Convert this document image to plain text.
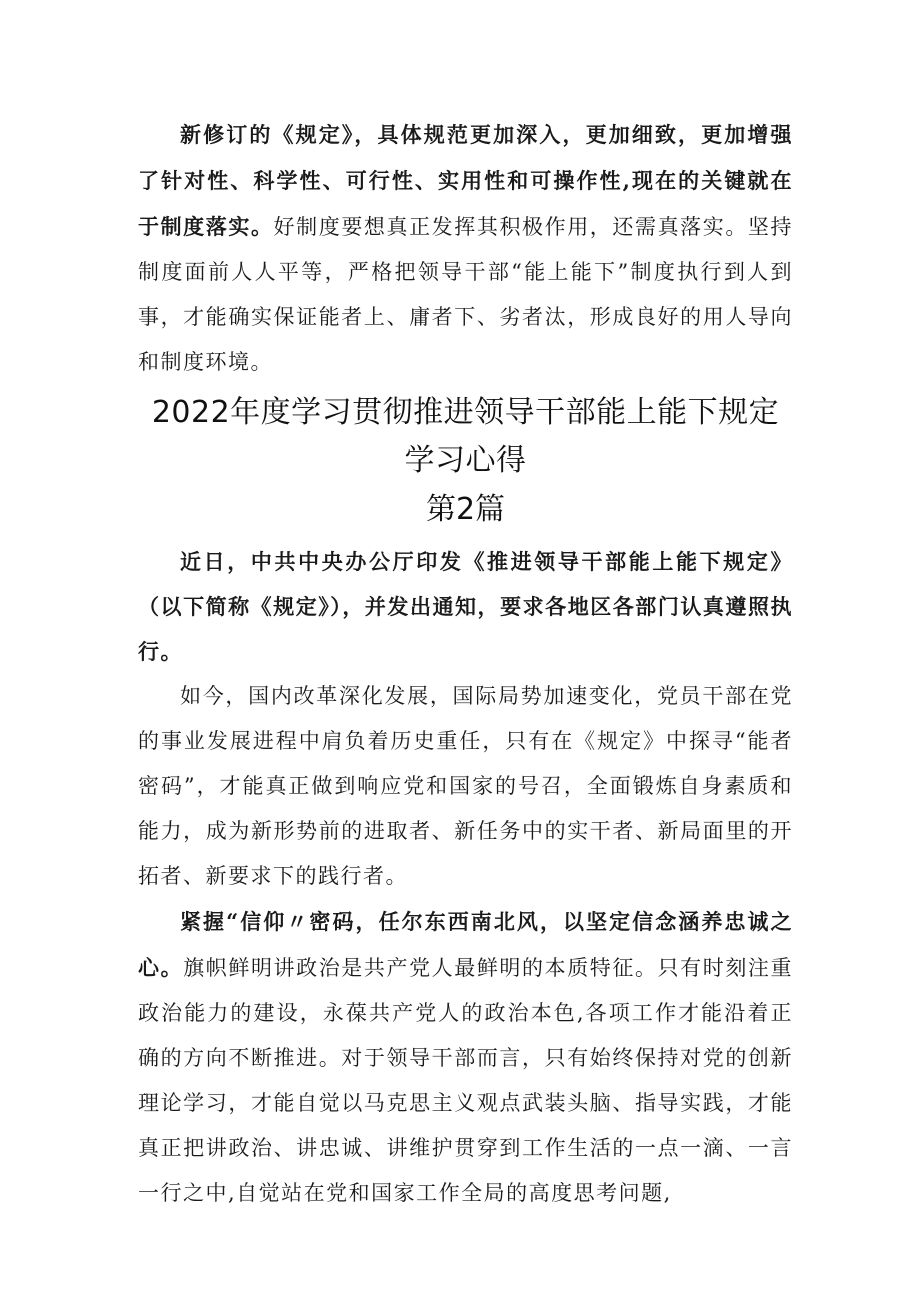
新修订的《规定》，具体规范更加深入，更加细致，更加增强了针对性、科学性、可行性、实用性和可操作性,现在的关键就在于制度落实。好制度要想真正发挥其积极作用，还需真落实。坚持制度面前人人平等，严格把领导干部“能上能下”制度执行到人到事，才能确实保证能者上、庸者下、劣者汰，形成良好的用人导向和制度环境。

2022年度学习贯彻推进领导干部能上能下规定学习心得
第2篇

近日，中共中央办公厅印发《推进领导干部能上能下规定》（以下简称《规定》），并发出通知，要求各地区各部门认真遵照执行。

如今，国内改革深化发展，国际局势加速变化，党员干部在党的事业发展进程中肩负着历史重任，只有在《规定》中探寻“能者密码”，才能真正做到响应党和国家的号召，全面锻炼自身素质和能力，成为新形势前的进取者、新任务中的实干者、新局面里的开拓者、新要求下的践行者。

紧握“信仰〃密码，任尔东西南北风，以坚定信念涵养忠诚之心。旗帜鲜明讲政治是共产党人最鲜明的本质特征。只有时刻注重政治能力的建设，永葆共产党人的政治本色,各项工作才能沿着正确的方向不断推进。对于领导干部而言，只有始终保持对党的创新理论学习，才能自觉以马克思主义观点武装头脑、指导实践，才能真正把讲政治、讲忠诚、讲维护贯穿到工作生活的一点一滴、一言一行之中,自觉站在党和国家工作全局的高度思考问题,
